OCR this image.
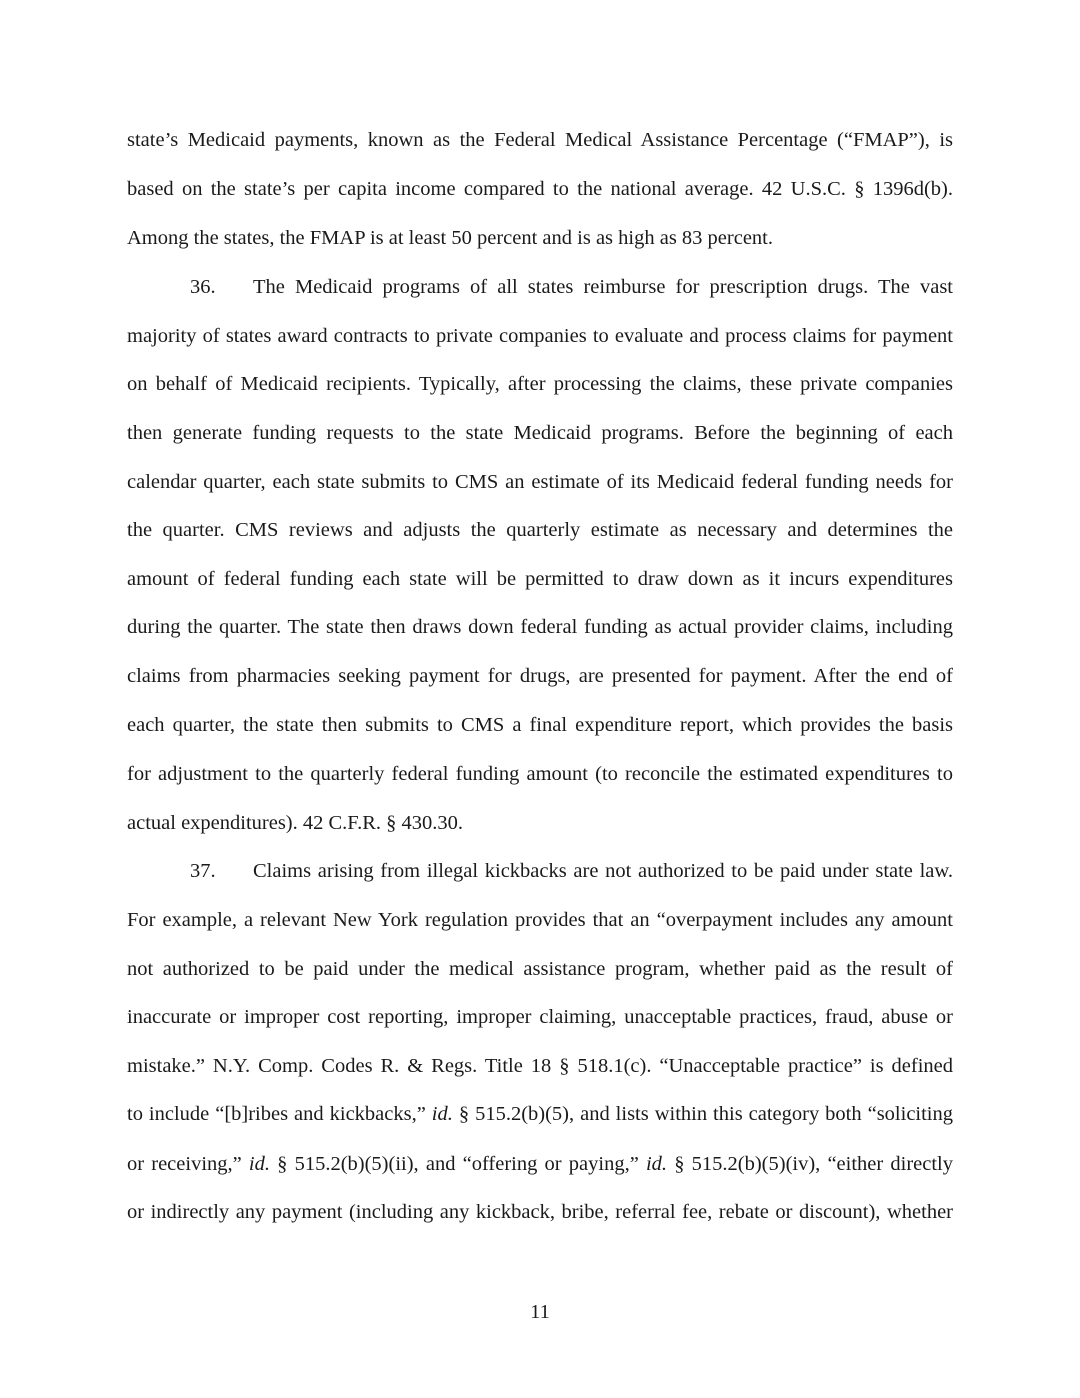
state’s Medicaid payments, known as the Federal Medical Assistance Percentage (“FMAP”), is
based on the state’s per capita income compared to the national average. 42 U.S.C. § 1396d(b).
Among the states, the FMAP is at least 50 percent and is as high as 83 percent.
36. The Medicaid programs of all states reimburse for prescription drugs. The vast
majority of states award contracts to private companies to evaluate and process claims for payment
on behalf of Medicaid recipients. Typically, after processing the claims, these private companies
then generate funding requests to the state Medicaid programs. Before the beginning of each
calendar quarter, each state submits to CMS an estimate of its Medicaid federal funding needs for
the quarter. CMS reviews and adjusts the quarterly estimate as necessary and determines the
amount of federal funding each state will be permitted to draw down as it incurs expenditures
during the quarter. The state then draws down federal funding as actual provider claims, including
claims from pharmacies seeking payment for drugs, are presented for payment. After the end of
each quarter, the state then submits to CMS a final expenditure report, which provides the basis
for adjustment to the quarterly federal funding amount (to reconcile the estimated expenditures to
actual expenditures). 42 C.F.R. § 430.30.
37. Claims arising from illegal kickbacks are not authorized to be paid under state law.
For example, a relevant New York regulation provides that an “overpayment includes any amount
not authorized to be paid under the medical assistance program, whether paid as the result of
inaccurate or improper cost reporting, improper claiming, unacceptable practices, fraud, abuse or
mistake.” N.Y. Comp. Codes R. & Regs. Title 18 § 518.1(c). “Unacceptable practice” is defined
to include “[b]ribes and kickbacks,” id. § 515.2(b)(5), and lists within this category both “soliciting
or receiving,” id. § 515.2(b)(5)(ii), and “offering or paying,” id. § 515.2(b)(5)(iv), “either directly
or indirectly any payment (including any kickback, bribe, referral fee, rebate or discount), whether
11
